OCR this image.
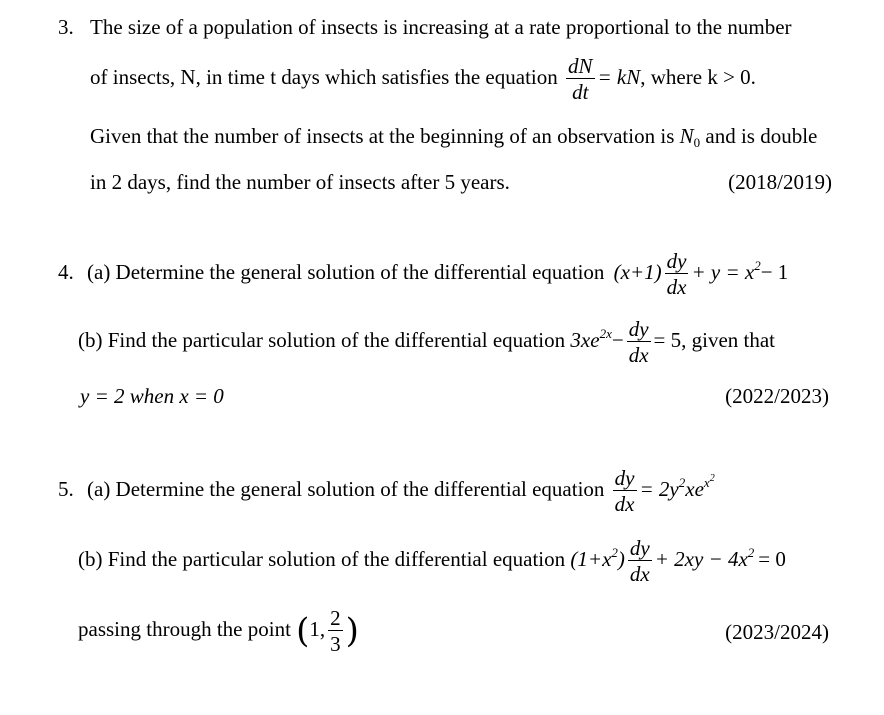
3. The size of a population of insects is increasing at a rate proportional to the number
of insects, N, in time t days which satisfies the equation $\frac{dN}{dt}$ = kN, where k > 0.
Given that the number of insects at the beginning of an observation is $N_0$ and is double
in 2 days, find the number of insects after 5 years.	(2018/2019)
4. (a) Determine the general solution of the differential equation $(x+1) \frac{dy}{dx} + y = x^2- 1$
(b) Find the particular solution of the differential equation $3xe^{2x}- \frac{dy}{dx} = 5$, given that
y = 2 when x = 0	(2022/2023)
5. (a) Determine the general solution of the differential equation $\frac{dy}{dx} = 2y^2xe^{x^2}$
(b) Find the particular solution of the differential equation $(1+x^2) \frac{dy}{dx} + 2xy - 4x^2 = 0$
passing through the point (1, $\frac{2}{3}$ )	(2023/2024)
